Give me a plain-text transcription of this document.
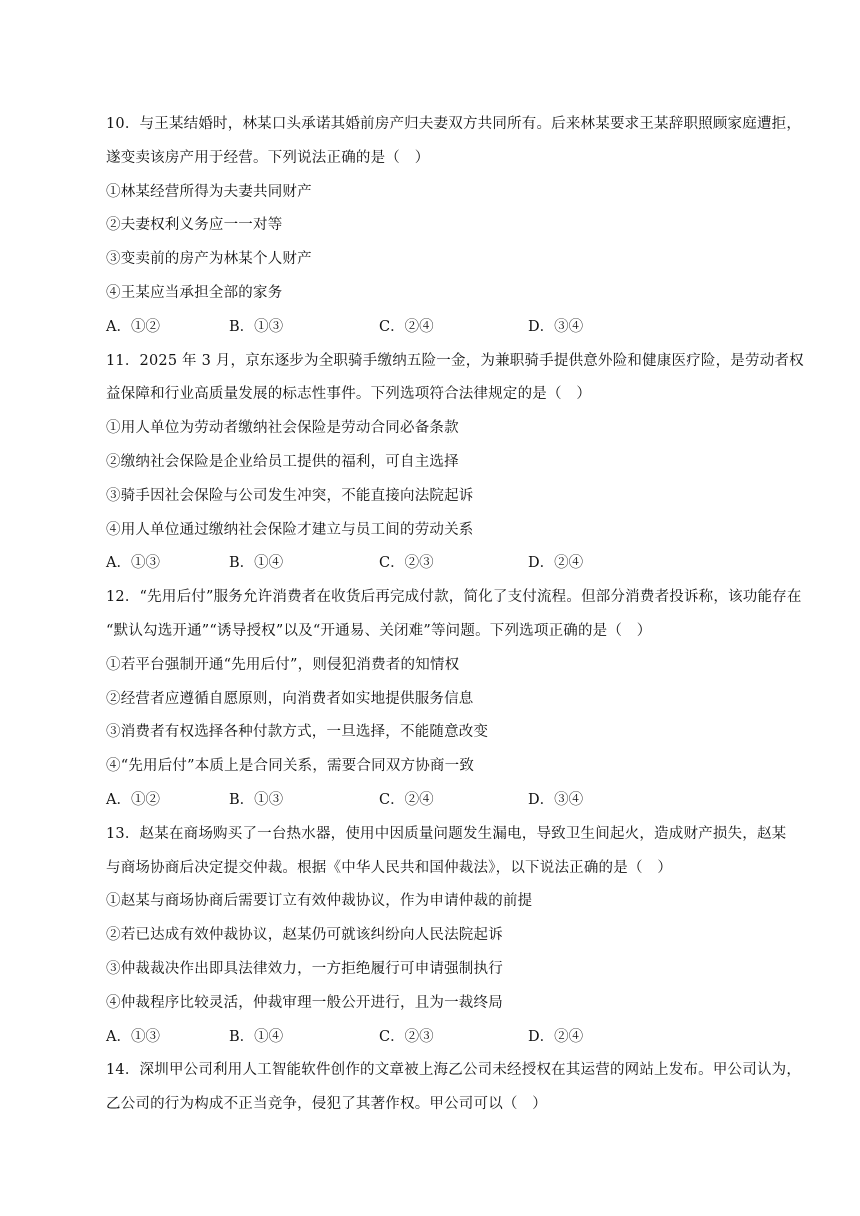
10．与王某结婚时，林某口头承诺其婚前房产归夫妻双方共同所有。后来林某要求王某辞职照顾家庭遭拒，
遂变卖该房产用于经营。下列说法正确的是（　）
①林某经营所得为夫妻共同财产
②夫妻权利义务应一一对等
③变卖前的房产为林某个人财产
④王某应当承担全部的家务
A．①②	B．①③	C．②④	D．③④
11．2025 年 3 月，京东逐步为全职骑手缴纳五险一金，为兼职骑手提供意外险和健康医疗险，是劳动者权
益保障和行业高质量发展的标志性事件。下列选项符合法律规定的是（　）
①用人单位为劳动者缴纳社会保险是劳动合同必备条款
②缴纳社会保险是企业给员工提供的福利，可自主选择
③骑手因社会保险与公司发生冲突，不能直接向法院起诉
④用人单位通过缴纳社会保险才建立与员工间的劳动关系
A．①③	B．①④	C．②③	D．②④
12．“先用后付”服务允许消费者在收货后再完成付款，简化了支付流程。但部分消费者投诉称，该功能存在
“默认勾选开通”“诱导授权”以及“开通易、关闭难”等问题。下列选项正确的是（　）
①若平台强制开通“先用后付”，则侵犯消费者的知情权
②经营者应遵循自愿原则，向消费者如实地提供服务信息
③消费者有权选择各种付款方式，一旦选择，不能随意改变
④“先用后付”本质上是合同关系，需要合同双方协商一致
A．①②	B．①③	C．②④	D．③④
13．赵某在商场购买了一台热水器，使用中因质量问题发生漏电，导致卫生间起火，造成财产损失，赵某
与商场协商后决定提交仲裁。根据《中华人民共和国仲裁法》，以下说法正确的是（　）
①赵某与商场协商后需要订立有效仲裁协议，作为申请仲裁的前提
②若已达成有效仲裁协议，赵某仍可就该纠纷向人民法院起诉
③仲裁裁决作出即具法律效力，一方拒绝履行可申请强制执行
④仲裁程序比较灵活，仲裁审理一般公开进行，且为一裁终局
A．①③	B．①④	C．②③	D．②④
14．深圳甲公司利用人工智能软件创作的文章被上海乙公司未经授权在其运营的网站上发布。甲公司认为，
乙公司的行为构成不正当竞争，侵犯了其著作权。甲公司可以（　）
